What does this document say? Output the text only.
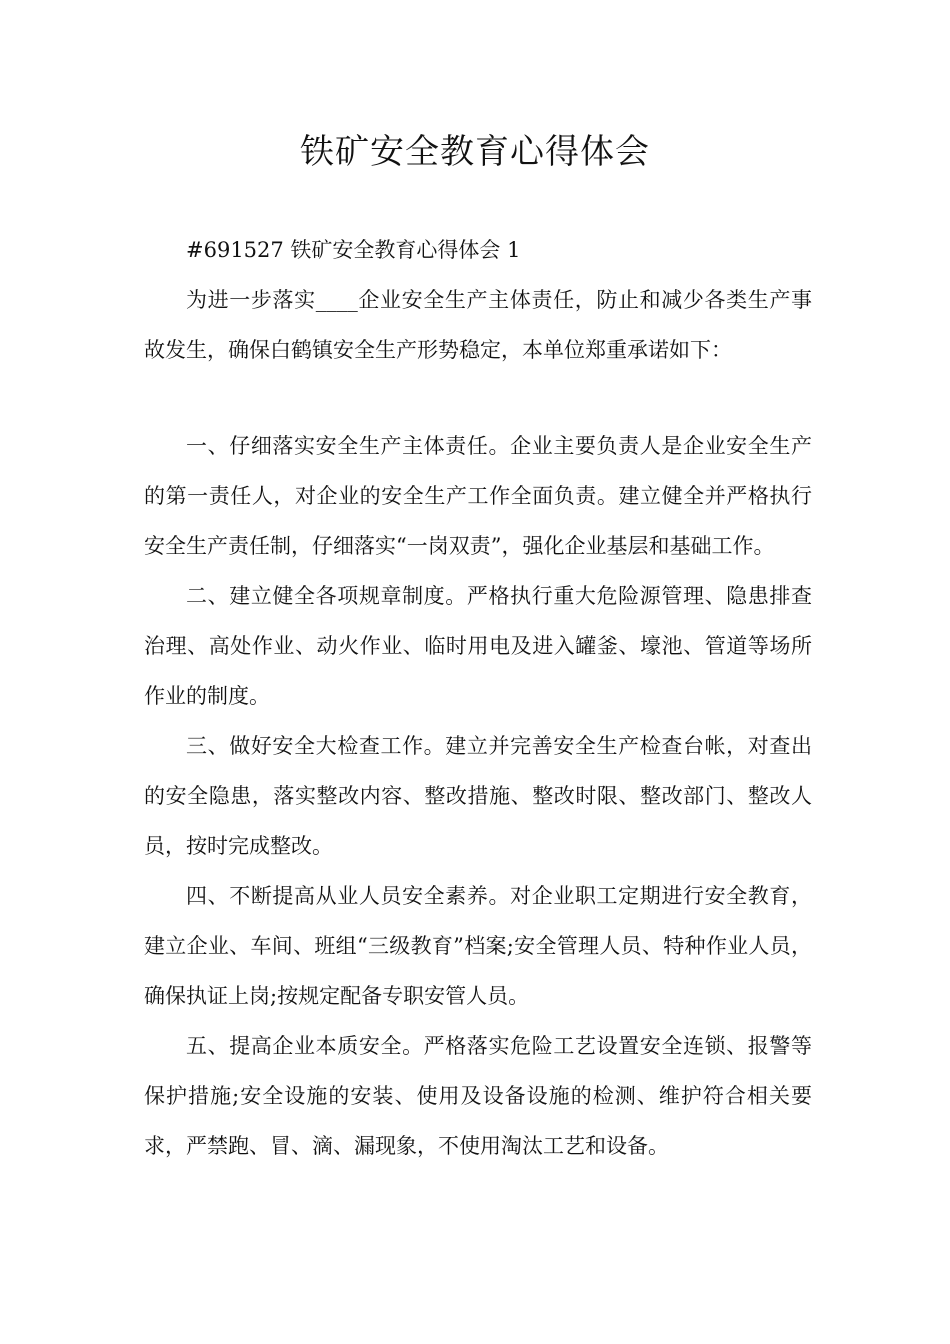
铁矿安全教育心得体会

#691527 铁矿安全教育心得体会 1

为进一步落实____企业安全生产主体责任，防止和减少各类生产事故发生，确保白鹤镇安全生产形势稳定，本单位郑重承诺如下：

一、仔细落实安全生产主体责任。企业主要负责人是企业安全生产的第一责任人，对企业的安全生产工作全面负责。建立健全并严格执行安全生产责任制，仔细落实“一岗双责”，强化企业基层和基础工作。

二、建立健全各项规章制度。严格执行重大危险源管理、隐患排查治理、高处作业、动火作业、临时用电及进入罐釜、壕池、管道等场所作业的制度。

三、做好安全大检查工作。建立并完善安全生产检查台帐，对查出的安全隐患，落实整改内容、整改措施、整改时限、整改部门、整改人员，按时完成整改。

四、不断提高从业人员安全素养。对企业职工定期进行安全教育，建立企业、车间、班组“三级教育”档案;安全管理人员、特种作业人员，确保执证上岗;按规定配备专职安管人员。

五、提高企业本质安全。严格落实危险工艺设置安全连锁、报警等保护措施;安全设施的安装、使用及设备设施的检测、维护符合相关要求，严禁跑、冒、滴、漏现象，不使用淘汰工艺和设备。
